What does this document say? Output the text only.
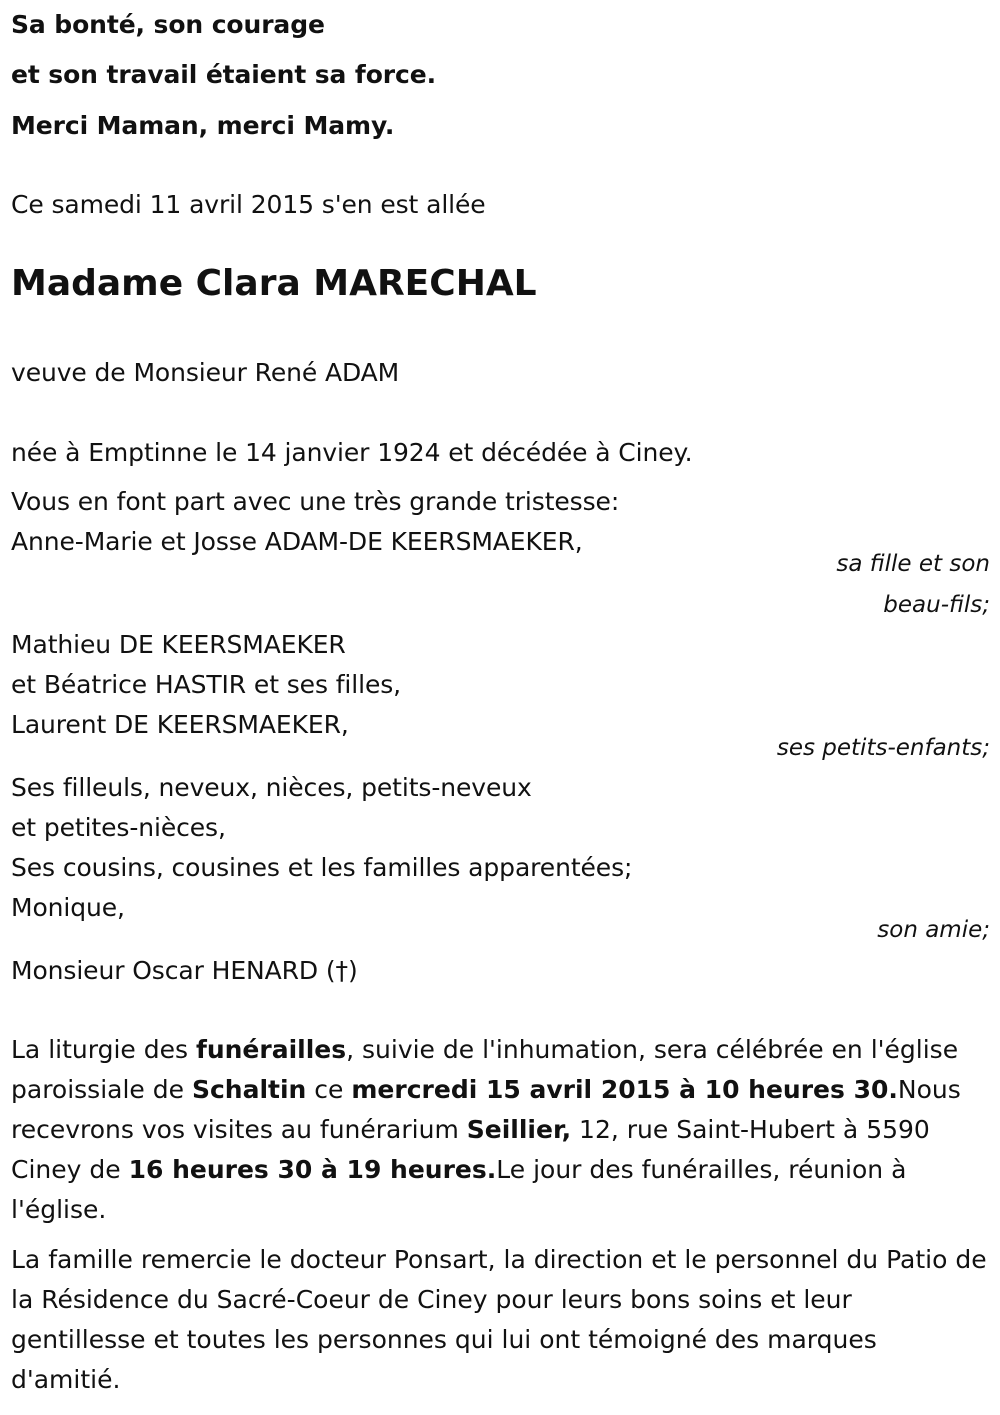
Sa bonté, son courage
et son travail étaient sa force.
Merci Maman, merci Mamy.
Ce samedi 11 avril 2015 s'en est allée
Madame Clara MARECHAL
veuve de Monsieur René ADAM
née à Emptinne le 14 janvier 1924 et décédée à Ciney.
Vous en font part avec une très grande tristesse:
Anne-Marie et Josse ADAM-DE KEERSMAEKER,
sa fille et son
beau-fils;
Mathieu DE KEERSMAEKER
et Béatrice HASTIR et ses filles,
Laurent DE KEERSMAEKER,
ses petits-enfants;
Ses filleuls, neveux, nièces, petits-neveux
et petites-nièces,
Ses cousins, cousines et les familles apparentées;
Monique,
son amie;
Monsieur Oscar HENARD (†)
La liturgie des funérailles, suivie de l'inhumation, sera célébrée en l'église paroissiale de Schaltin ce mercredi 15 avril 2015 à 10 heures 30.Nous recevrons vos visites au funérarium Seillier, 12, rue Saint-Hubert à 5590 Ciney de 16 heures 30 à 19 heures.Le jour des funérailles, réunion à l'église.
La famille remercie le docteur Ponsart, la direction et le personnel du Patio de la Résidence du Sacré-Coeur de Ciney pour leurs bons soins et leur gentillesse et toutes les personnes qui lui ont témoigné des marques d'amitié.
